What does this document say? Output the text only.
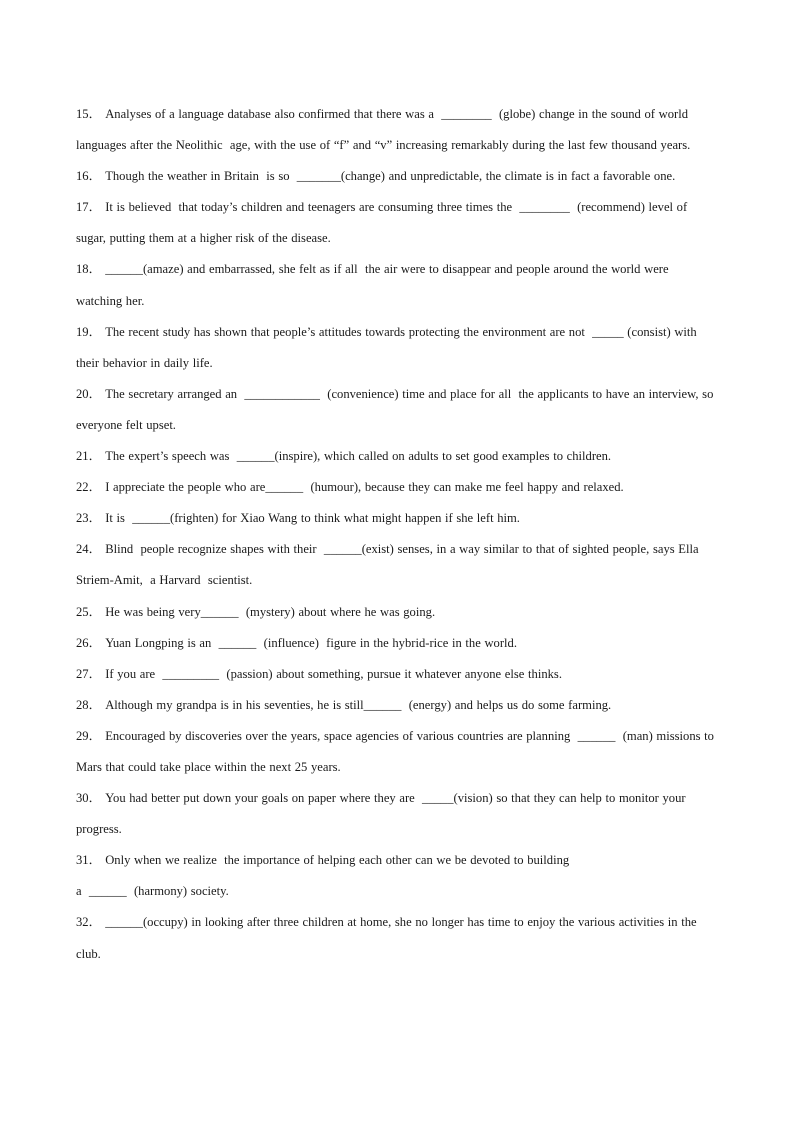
15． Analyses of a language database also confirmed that there was a  ________  (globe) change in the sound of world languages after the Neolithic  age, with the use of “f” and “v” increasing remarkably during the last few thousand years.
16． Though the weather in Britain  is so  _______(change) and unpredictable, the climate is in fact a favorable one.
17． It is believed  that today’s children and teenagers are consuming three times the  ________  (recommend) level of sugar, putting them at a higher risk of the disease.
18． ______(amaze) and embarrassed, she felt as if all  the air were to disappear and people around the world were watching her.
19． The recent study has shown that people’s attitudes towards protecting the environment are not  _____ (consist) with their behavior in daily life.
20． The secretary arranged an  ____________  (convenience) time and place for all  the applicants to have an interview, so everyone felt upset.
21． The expert’s speech was  ______(inspire), which called on adults to set good examples to children.
22． I appreciate the people who are______  (humour), because they can make me feel happy and relaxed.
23． It is  ______(frighten) for Xiao Wang to think what might happen if she left him.
24． Blind  people recognize shapes with their  ______(exist) senses, in a way similar to that of sighted people, says Ella  Striem-Amit,  a Harvard  scientist.
25． He was being very______  (mystery) about where he was going.
26． Yuan Longping is an  ______  (influence)  figure in the hybrid-rice in the world.
27． If you are  _________  (passion) about something, pursue it whatever anyone else thinks.
28． Although my grandpa is in his seventies, he is still______  (energy) and helps us do some farming.
29． Encouraged by discoveries over the years, space agencies of various countries are planning  ______  (man) missions to Mars that could take place within the next 25 years.
30． You had better put down your goals on paper where they are  _____(vision) so that they can help to monitor your progress.
31． Only when we realize  the importance of helping each other can we be devoted to building
a  ______  (harmony) society.
32． ______(occupy) in looking after three children at home, she no longer has time to enjoy the various activities in the club.
